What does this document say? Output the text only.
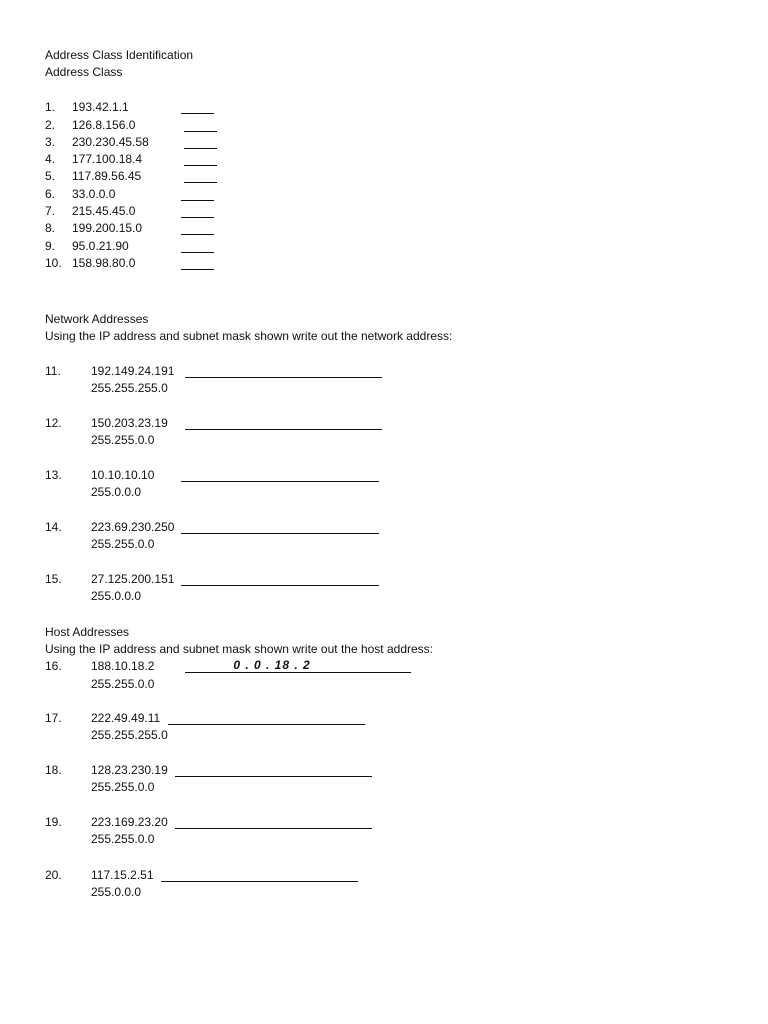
Address Class Identification
Address Class
1. 193.42.1.1
2. 126.8.156.0
3. 230.230.45.58
4. 177.100.18.4
5. 117.89.56.45
6. 33.0.0.0
7. 215.45.45.0
8. 199.200.15.0
9. 95.0.21.90
10. 158.98.80.0
Network Addresses
Using the IP address and subnet mask shown write out the network address:
11.	192.149.24.191
255.255.255.0
12. 150.203.23.19
255.255.0.0
13. 10.10.10.10
255.0.0.0
14. 223.69.230.250
255.255.0.0
15. 27.125.200.151
255.0.0.0
Host Addresses
Using the IP address and subnet mask shown write out the host address:
16. 188.10.18.2	0 . 0 . 18 . 2
255.255.0.0
17. 222.49.49.11
255.255.255.0
18. 128.23.230.19
255.255.0.0
19. 223.169.23.20
255.255.0.0
20. 117.15.2.51
255.0.0.0
